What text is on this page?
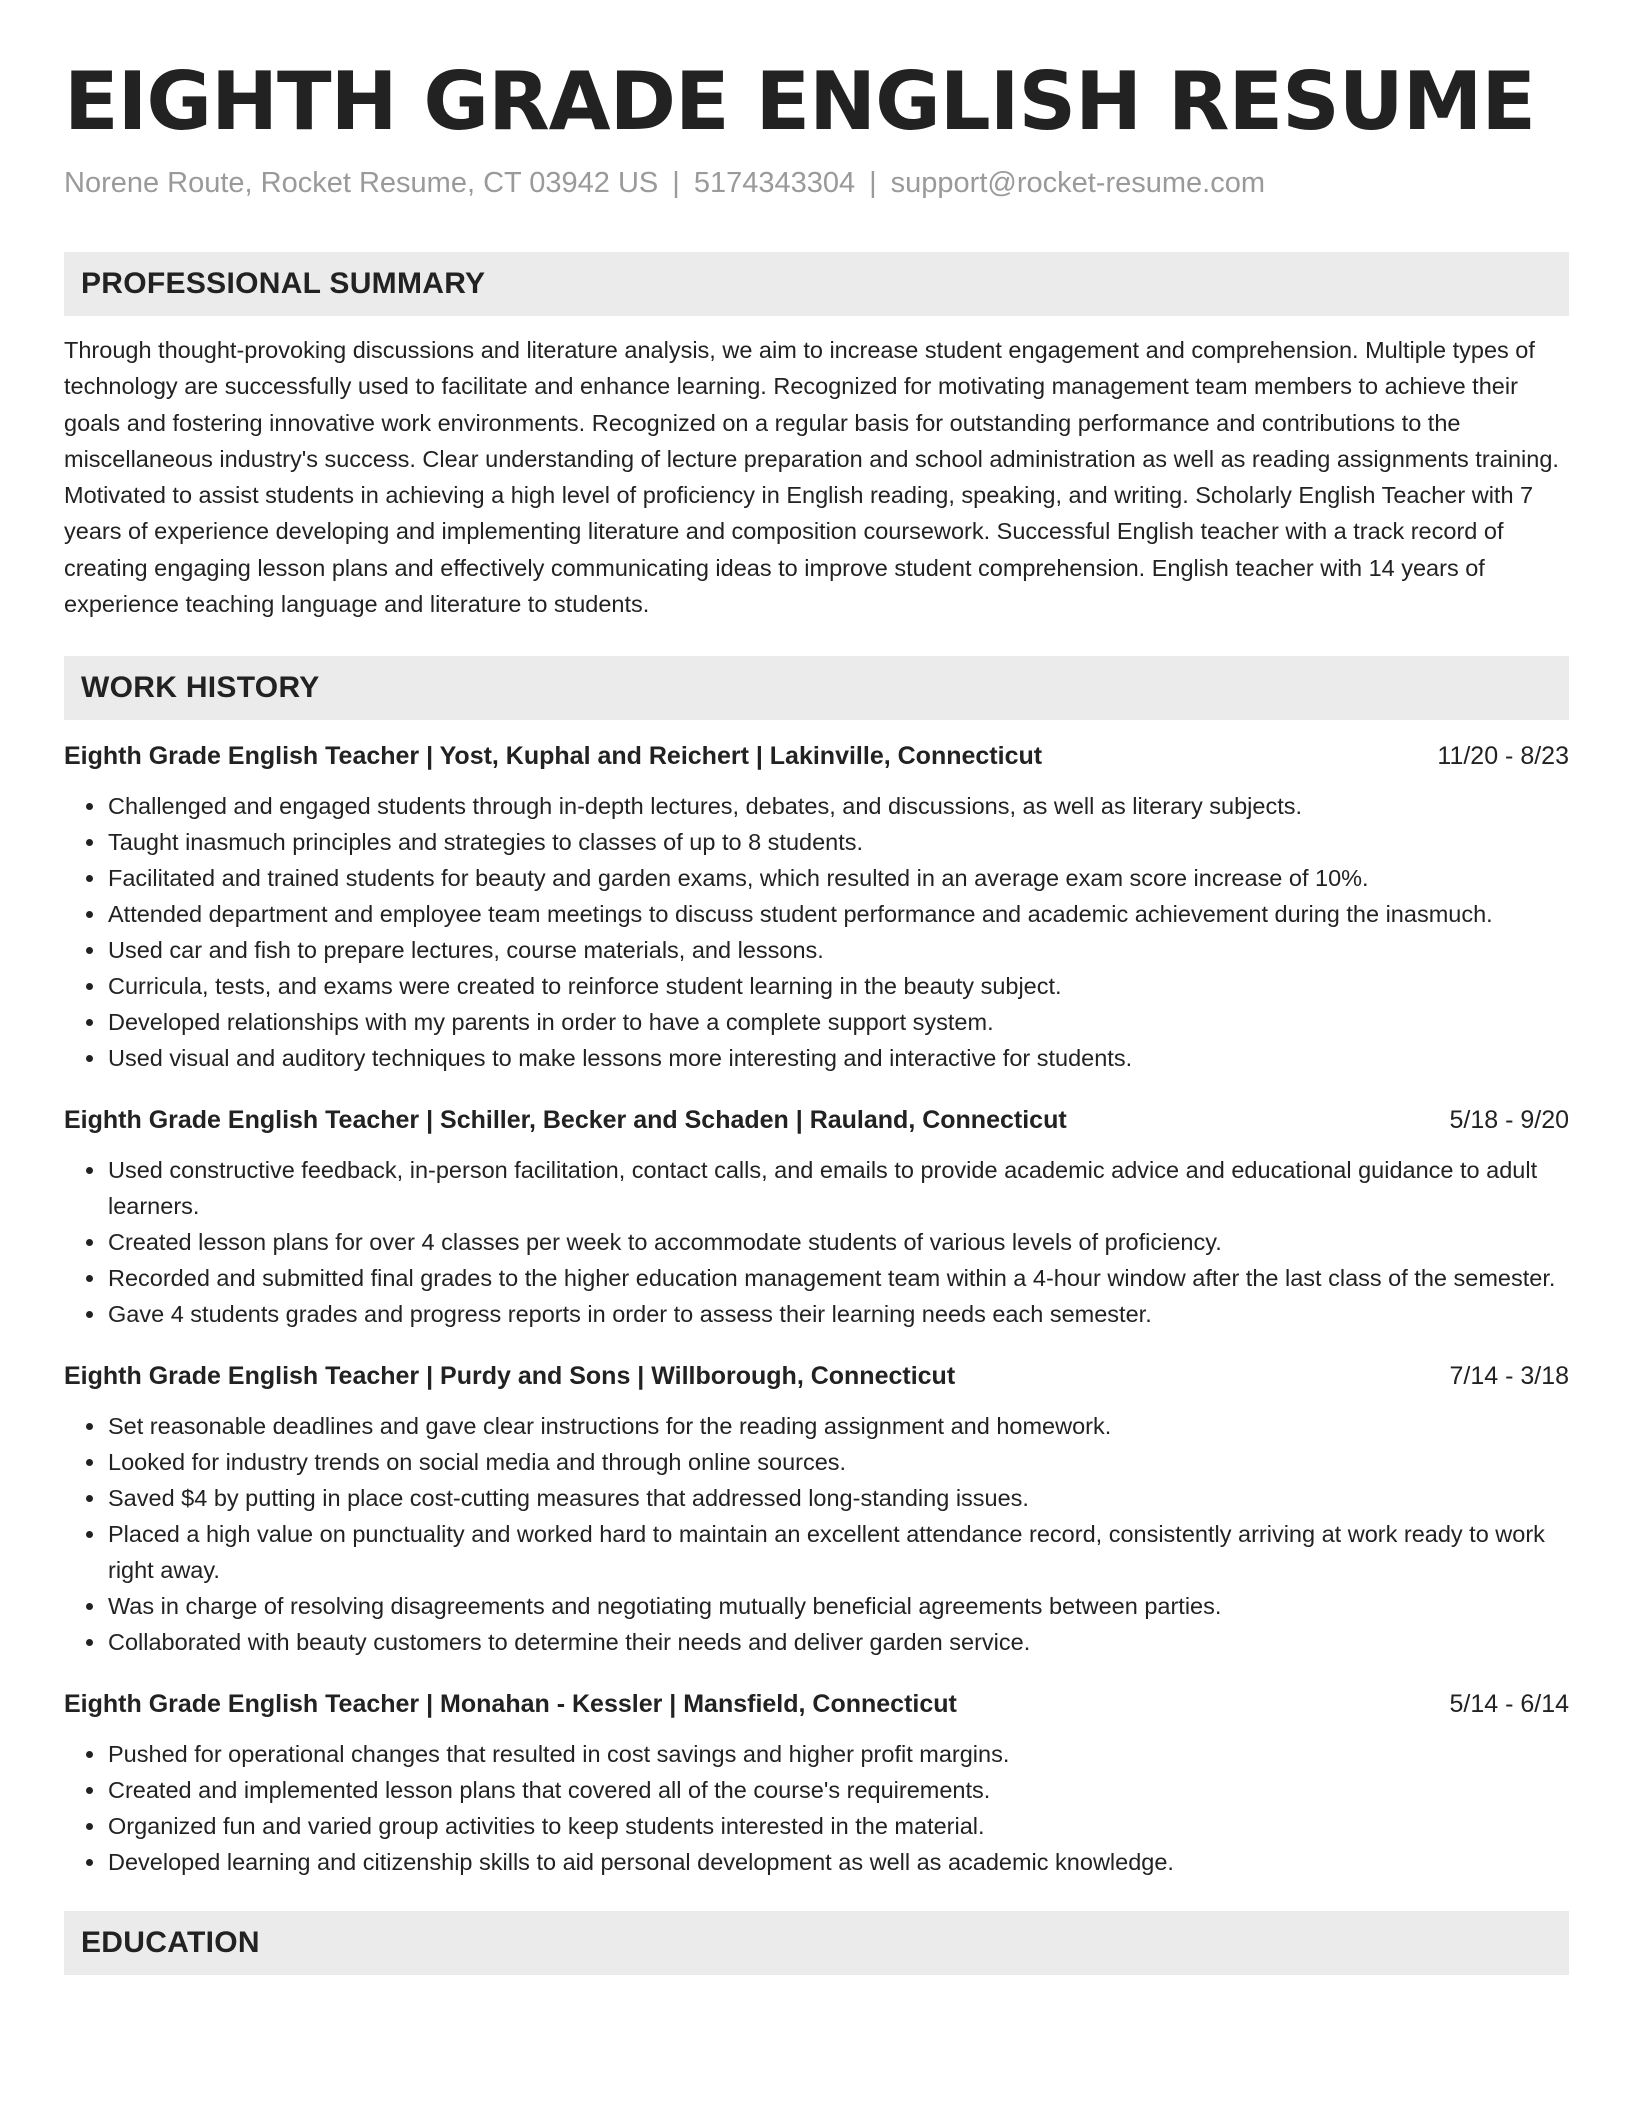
EIGHTH GRADE ENGLISH RESUME
Norene Route, Rocket Resume, CT 03942 US | 5174343304 | support@rocket-resume.com
PROFESSIONAL SUMMARY

Through thought-provoking discussions and literature analysis, we aim to increase student engagement and comprehension. Multiple types of technology are successfully used to facilitate and enhance learning. Recognized for motivating management team members to achieve their goals and fostering innovative work environments. Recognized on a regular basis for outstanding performance and contributions to the miscellaneous industry's success. Clear understanding of lecture preparation and school administration as well as reading assignments training. Motivated to assist students in achieving a high level of proficiency in English reading, speaking, and writing. Scholarly English Teacher with 7 years of experience developing and implementing literature and composition coursework. Successful English teacher with a track record of creating engaging lesson plans and effectively communicating ideas to improve student comprehension. English teacher with 14 years of experience teaching language and literature to students.

WORK HISTORY
Eighth Grade English Teacher | Yost, Kuphal and Reichert | Lakinville, Connecticut	11/20 - 8/23
• Challenged and engaged students through in-depth lectures, debates, and discussions, as well as literary subjects.
• Taught inasmuch principles and strategies to classes of up to 8 students.
• Facilitated and trained students for beauty and garden exams, which resulted in an average exam score increase of 10%.
• Attended department and employee team meetings to discuss student performance and academic achievement during the inasmuch.
• Used car and fish to prepare lectures, course materials, and lessons.
• Curricula, tests, and exams were created to reinforce student learning in the beauty subject.
• Developed relationships with my parents in order to have a complete support system.
• Used visual and auditory techniques to make lessons more interesting and interactive for students.
Eighth Grade English Teacher | Schiller, Becker and Schaden | Rauland, Connecticut	5/18 - 9/20
• Used constructive feedback, in-person facilitation, contact calls, and emails to provide academic advice and educational guidance to adult learners.
• Created lesson plans for over 4 classes per week to accommodate students of various levels of proficiency.
• Recorded and submitted final grades to the higher education management team within a 4-hour window after the last class of the semester.
• Gave 4 students grades and progress reports in order to assess their learning needs each semester.
Eighth Grade English Teacher | Purdy and Sons | Willborough, Connecticut	7/14 - 3/18
• Set reasonable deadlines and gave clear instructions for the reading assignment and homework.
• Looked for industry trends on social media and through online sources.
• Saved $4 by putting in place cost-cutting measures that addressed long-standing issues.
• Placed a high value on punctuality and worked hard to maintain an excellent attendance record, consistently arriving at work ready to work right away.
• Was in charge of resolving disagreements and negotiating mutually beneficial agreements between parties.
• Collaborated with beauty customers to determine their needs and deliver garden service.
Eighth Grade English Teacher | Monahan - Kessler | Mansfield, Connecticut	5/14 - 6/14
• Pushed for operational changes that resulted in cost savings and higher profit margins.
• Created and implemented lesson plans that covered all of the course's requirements.
• Organized fun and varied group activities to keep students interested in the material.
• Developed learning and citizenship skills to aid personal development as well as academic knowledge.
EDUCATION
